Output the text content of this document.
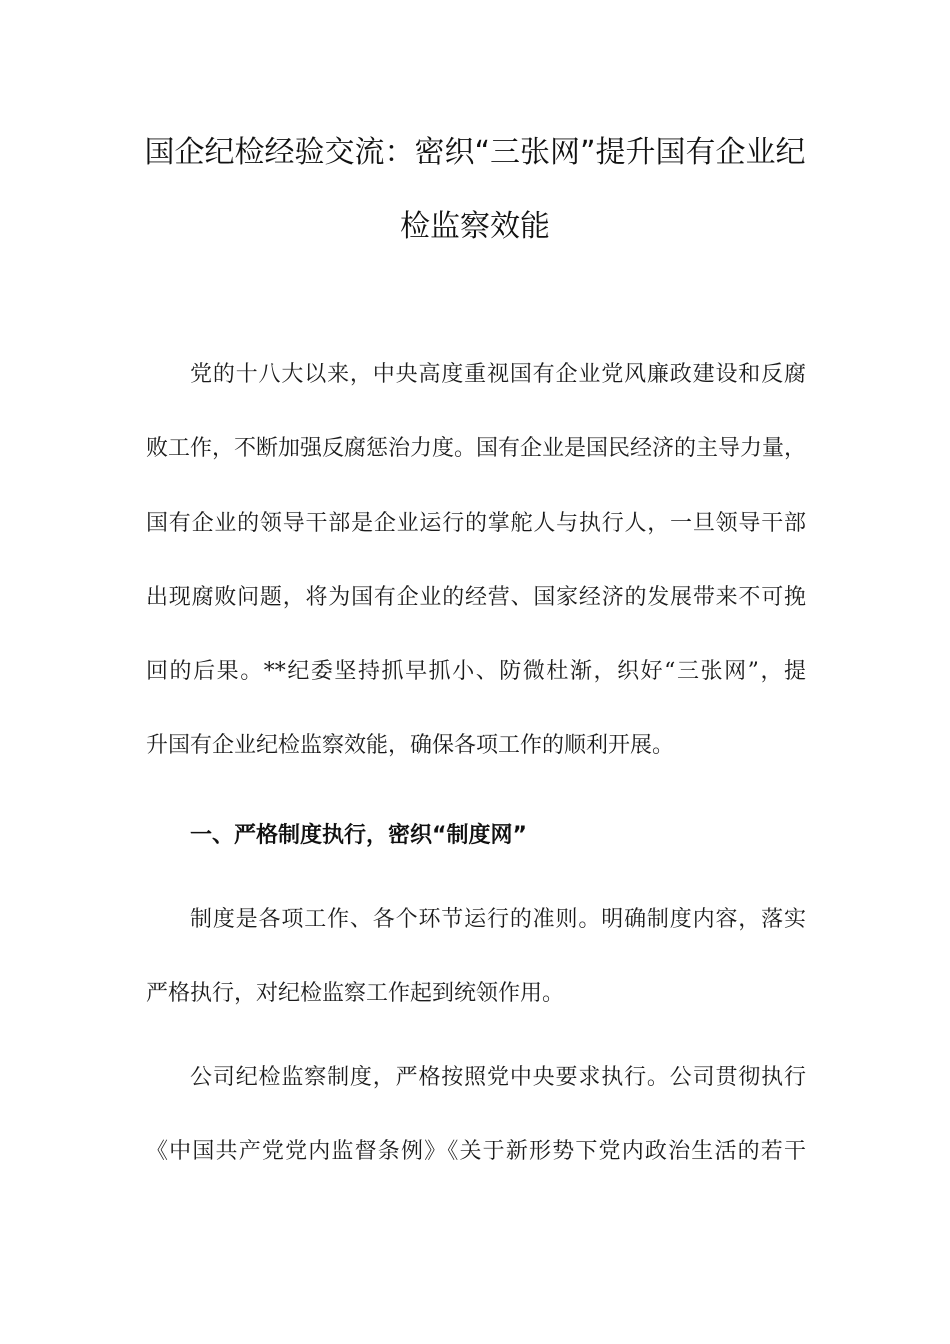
国企纪检经验交流：密织“三张网”提升国有企业纪
检监察效能
党的十八大以来，中央高度重视国有企业党风廉政建设和反腐
败工作，不断加强反腐惩治力度。国有企业是国民经济的主导力量，
国有企业的领导干部是企业运行的掌舵人与执行人，一旦领导干部
出现腐败问题，将为国有企业的经营、国家经济的发展带来不可挽
回的后果。**纪委坚持抓早抓小、防微杜渐，织好“三张网”，提
升国有企业纪检监察效能，确保各项工作的顺利开展。
一、严格制度执行，密织“制度网”
制度是各项工作、各个环节运行的准则。明确制度内容，落实
严格执行，对纪检监察工作起到统领作用。
公司纪检监察制度，严格按照党中央要求执行。公司贯彻执行
《中国共产党党内监督条例》《关于新形势下党内政治生活的若干
